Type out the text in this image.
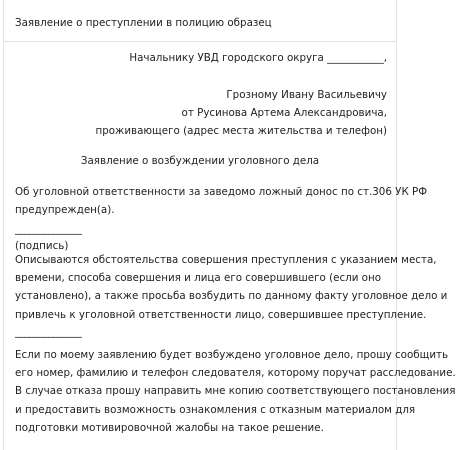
Заявление о преступлении в полицию образец
Начальнику УВД городского округа ___________,
Грозному Ивану Васильевичу
от Русинова Артема Александровича,
проживающего (адрес места жительства и телефон)
Заявление о возбуждении уголовного дела
Об уголовной ответственности за заведомо ложный донос по ст.306 УК РФ
предупрежден(а).
______________
(подпись)
Описываются обстоятельства совершения преступления с указанием места,
времени, способа совершения и лица его совершившего (если оно
установлено), а также просьба возбудить по данному факту уголовное дело и
привлечь к уголовной ответственности лицо, совершившее преступление.
______________
Если по моему заявлению будет возбуждено уголовное дело, прошу сообщить
его номер, фамилию и телефон следователя, которому поручат расследование.
В случае отказа прошу направить мне копию соответствующего постановления
и предоставить возможность ознакомления с отказным материалом для
подготовки мотивировочной жалобы на такое решение.
